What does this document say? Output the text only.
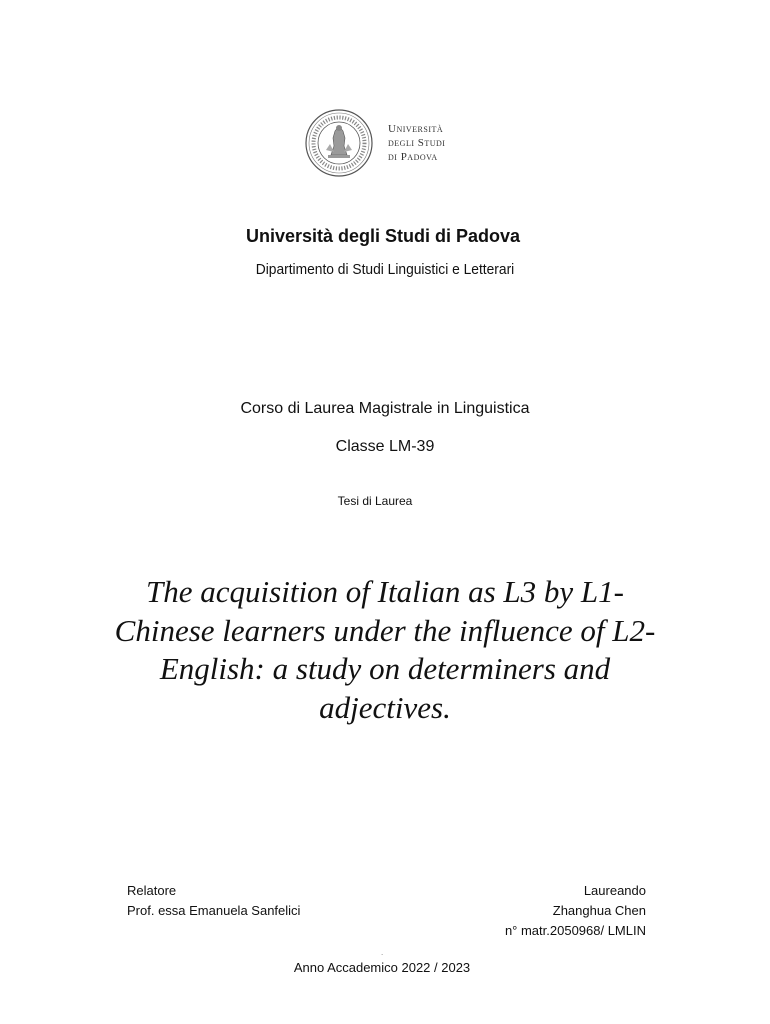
Università
degli Studi
di Padova
Università degli Studi di Padova
Dipartimento di Studi Linguistici e Letterari
Corso di Laurea Magistrale in Linguistica
Classe LM-39
Tesi di Laurea
The acquisition of Italian as L3 by L1-Chinese learners under the influence of L2-English: a study on determiners and adjectives.
Relatore
Prof. essa Emanuela Sanfelici
Laureando
Zhanghua Chen
n° matr.2050968/ LMLIN
.
Anno Accademico 2022 / 2023
